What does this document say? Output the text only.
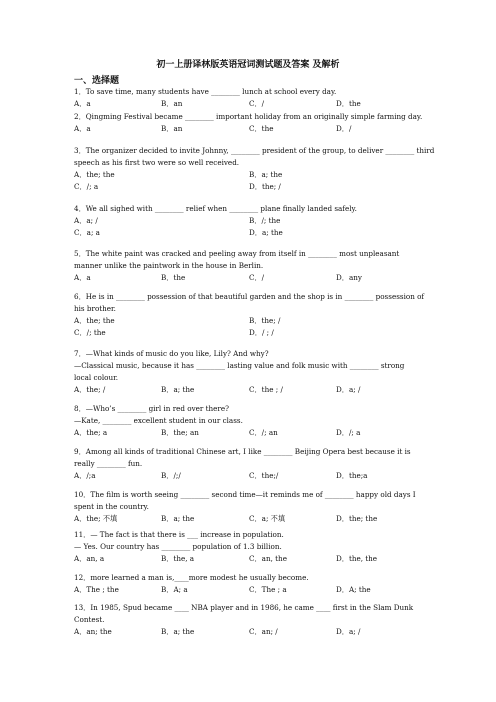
初一上册译林版英语冠词测试题及答案 及解析
一、选择题
1．To save time, many students have ________ lunch at school every day.
A．a	B．an	C．/	D．the
2．Qingming Festival became ________ important holiday from an originally simple farming day.
A．a	B．an	C．the	D．/
3．The organizer decided to invite Johnny, ________ president of the group, to deliver ________ third
speech as his first two were so well received.
A．the; the	B．a; the
C．/; a	D．the; /
4．We all sighed with ________ relief when ________ plane finally landed safely.
A．a; /	B．/; the
C．a; a	D．a; the
5．The white paint was cracked and peeling away from itself in ________ most unpleasant
manner unlike the paintwork in the house in Berlin.
A．a	B．the	C．/	D．any
6．He is in ________ possession of that beautiful garden and the shop is in ________ possession of
his brother.
A．the; the	B．the; /
C．/; the	D．/ ; /
7．—What kinds of music do you like, Lily? And why?
—Classical music, because it has ________ lasting value and folk music with ________ strong
local colour.
A．the; /	B．a; the	C．the ; /	D．a; /
8．—Who’s ________ girl in red over there?
—Kate, ________ excellent student in our class.
A．the; a	B．the; an	C．/; an	D．/; a
9．Among all kinds of traditional Chinese art, I like ________ Beijing Opera best because it is
really ________ fun.
A．/;a	B．/;/	C．the;/	D．the;a
10．The film is worth seeing ________ second time—it reminds me of ________ happy old days I
spent in the country.
A．the; 不填	B．a; the	C．a; 不填	D．the; the
11．— The fact is that there is ___ increase in population.
— Yes. Our country has ________ population of 1.3 billion.
A．an, a	B．the, a	C．an, the	D．the, the
12．more learned a man is,____more modest he usually become.
A．The ; the	B．A; a	C．The ; a	D．A; the
13．In 1985, Spud became ____ NBA player and in 1986, he came ____ first in the Slam Dunk
Contest.
A．an; the	B．a; the	C．an; /	D．a; /
